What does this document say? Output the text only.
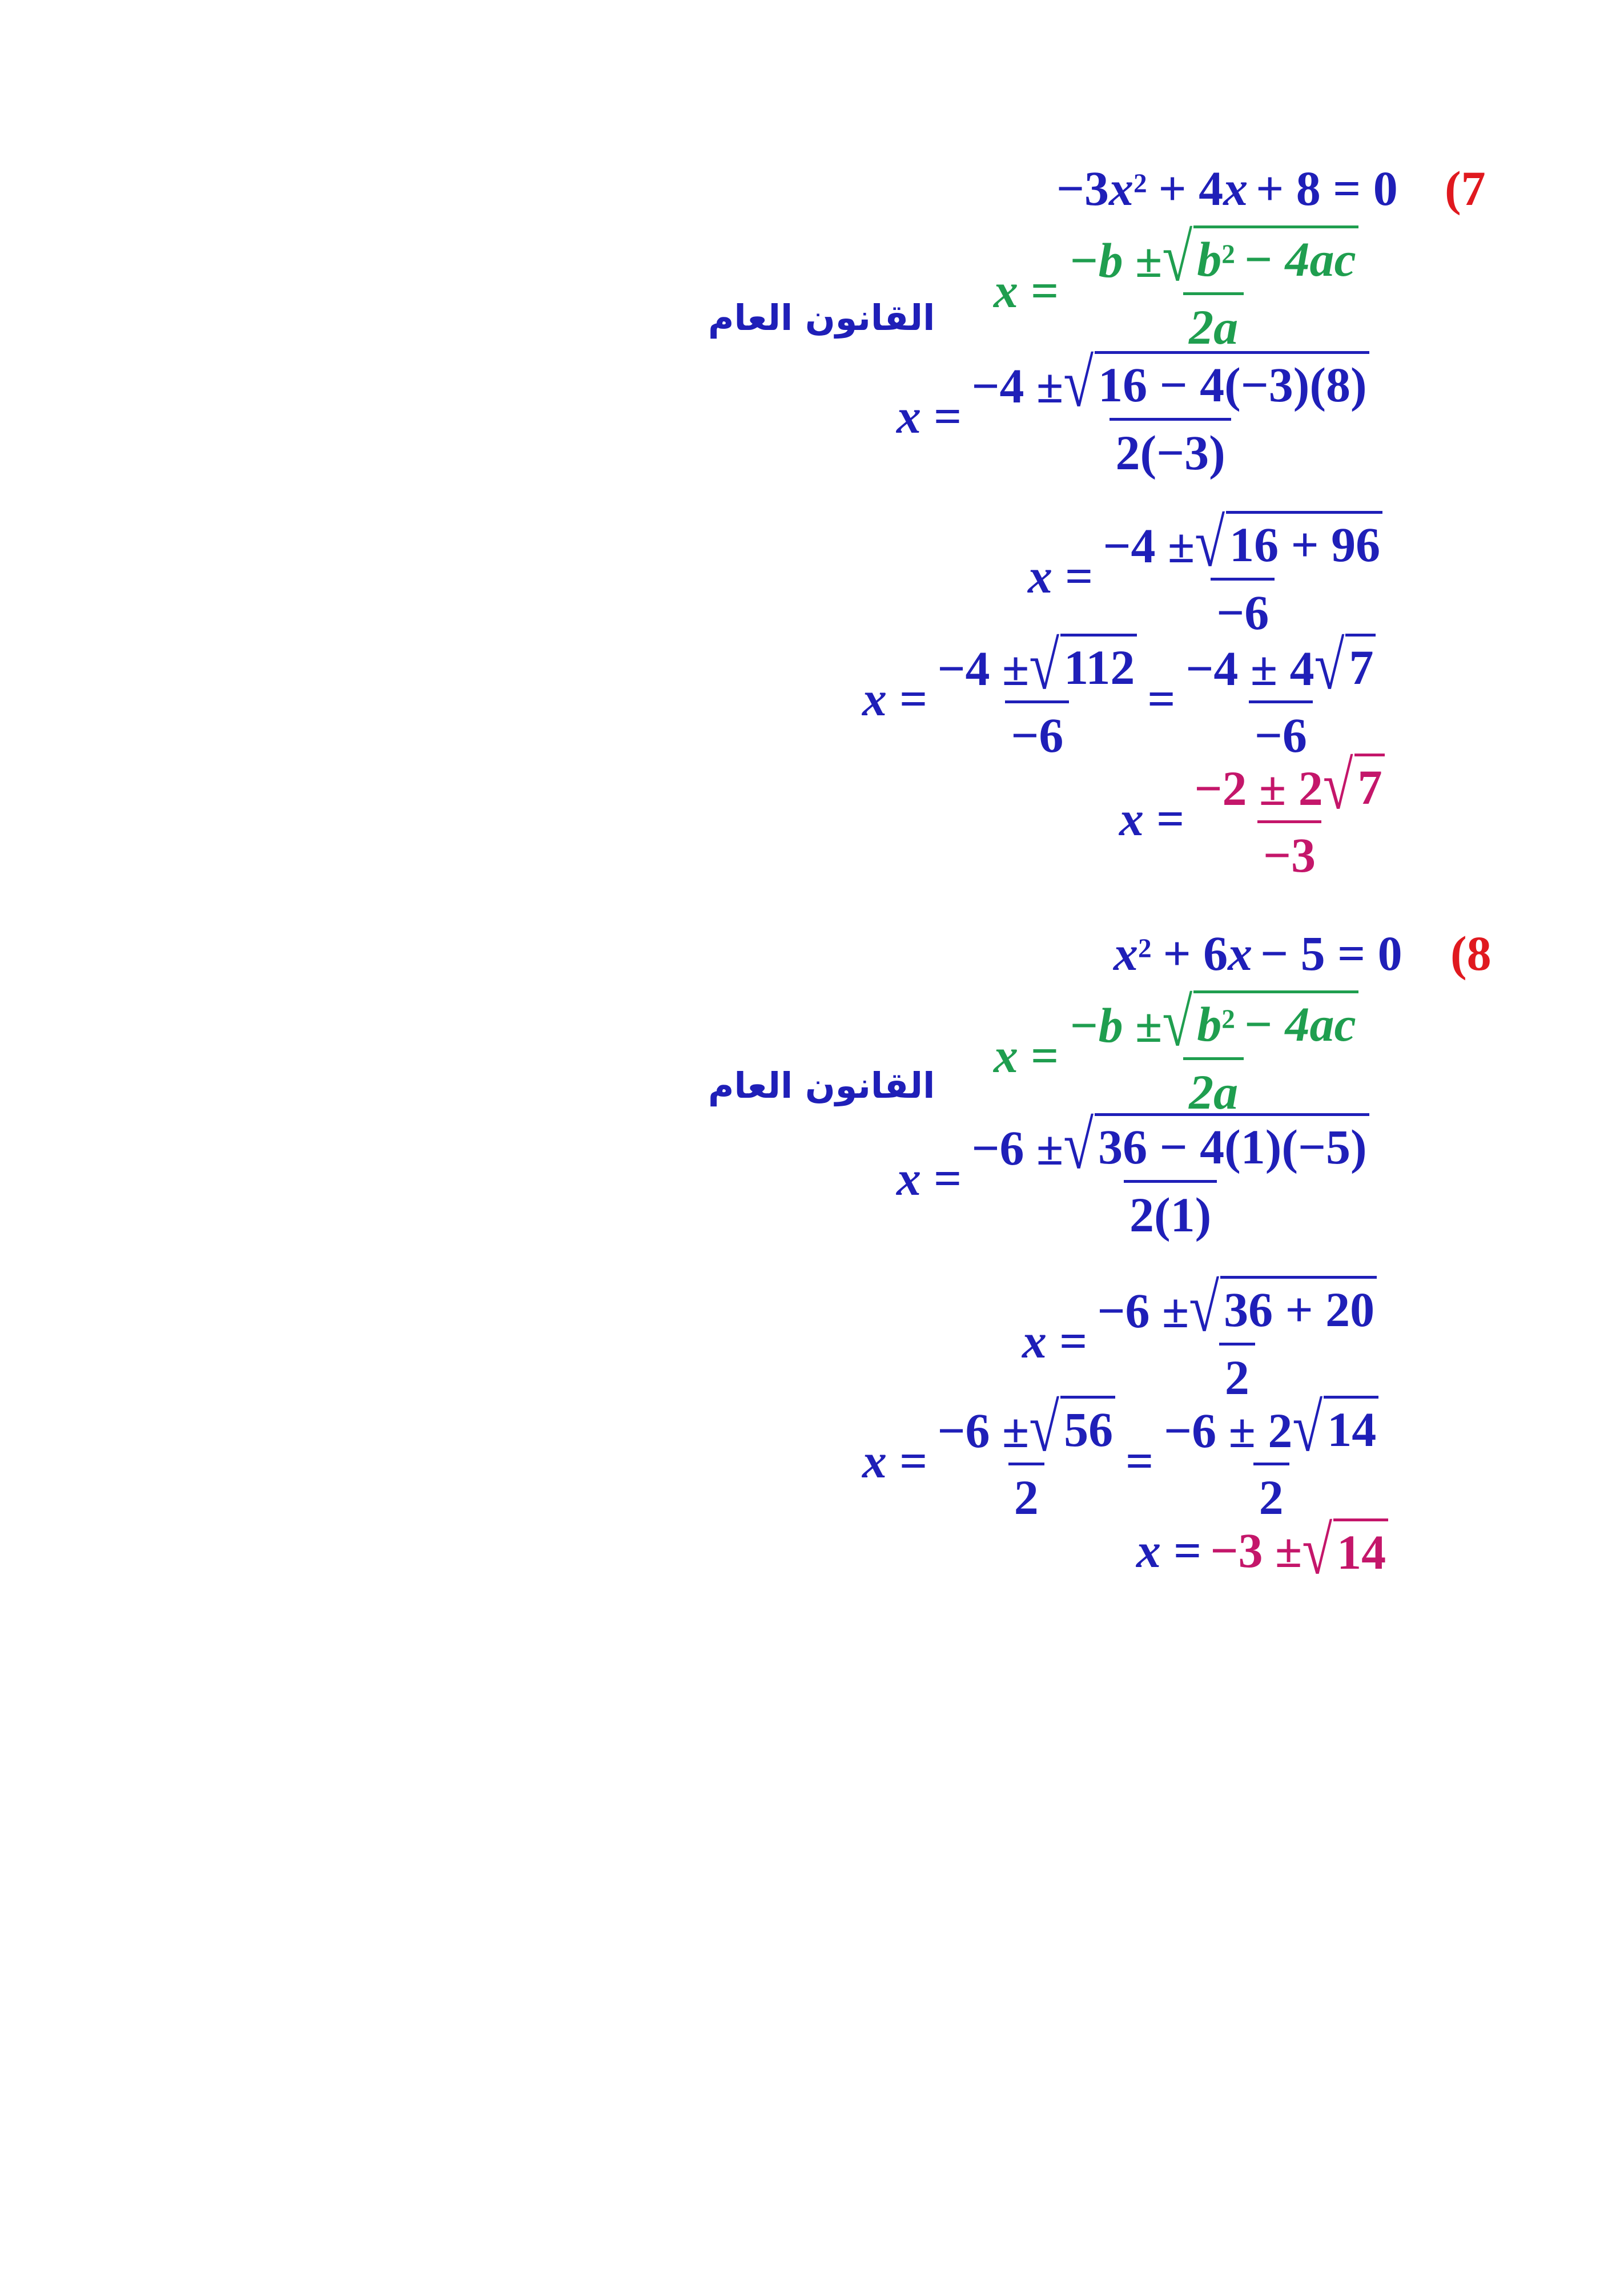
(7
−3 $x^2 + 4$ x + 8 = 0
القانون العام $x = \frac{-b \pm √ b^2 - 4ac}{2a}$
$x = \frac{-4 \pm √ 16 - 4(-3)(8)}{2(-3)}$
$x = \frac{-4 \pm √ 16 + 96}{-6}$
$x = \frac{-4 \pm √ 112}{-6} = \frac{-4 \pm 4 √ 7}{-6}$
$x = \frac{-2 \pm 2 √ 7}{-3}$
(8
$x^2 + 6$ x − 5 = 0
القانون العام
$x = \frac{-b \pm √ b^2 - 4ac}{2a}$
$x = \frac{-6 \pm √ 36 - 4(1)(-5)}{2(1)}$
$x = \frac{-6 \pm √ 36 + 20}{2}$
$x = \frac{-6 \pm √ 56}{2} = \frac{-6 \pm 2 √ 14}{2}$
x = −3 ± √ 14
